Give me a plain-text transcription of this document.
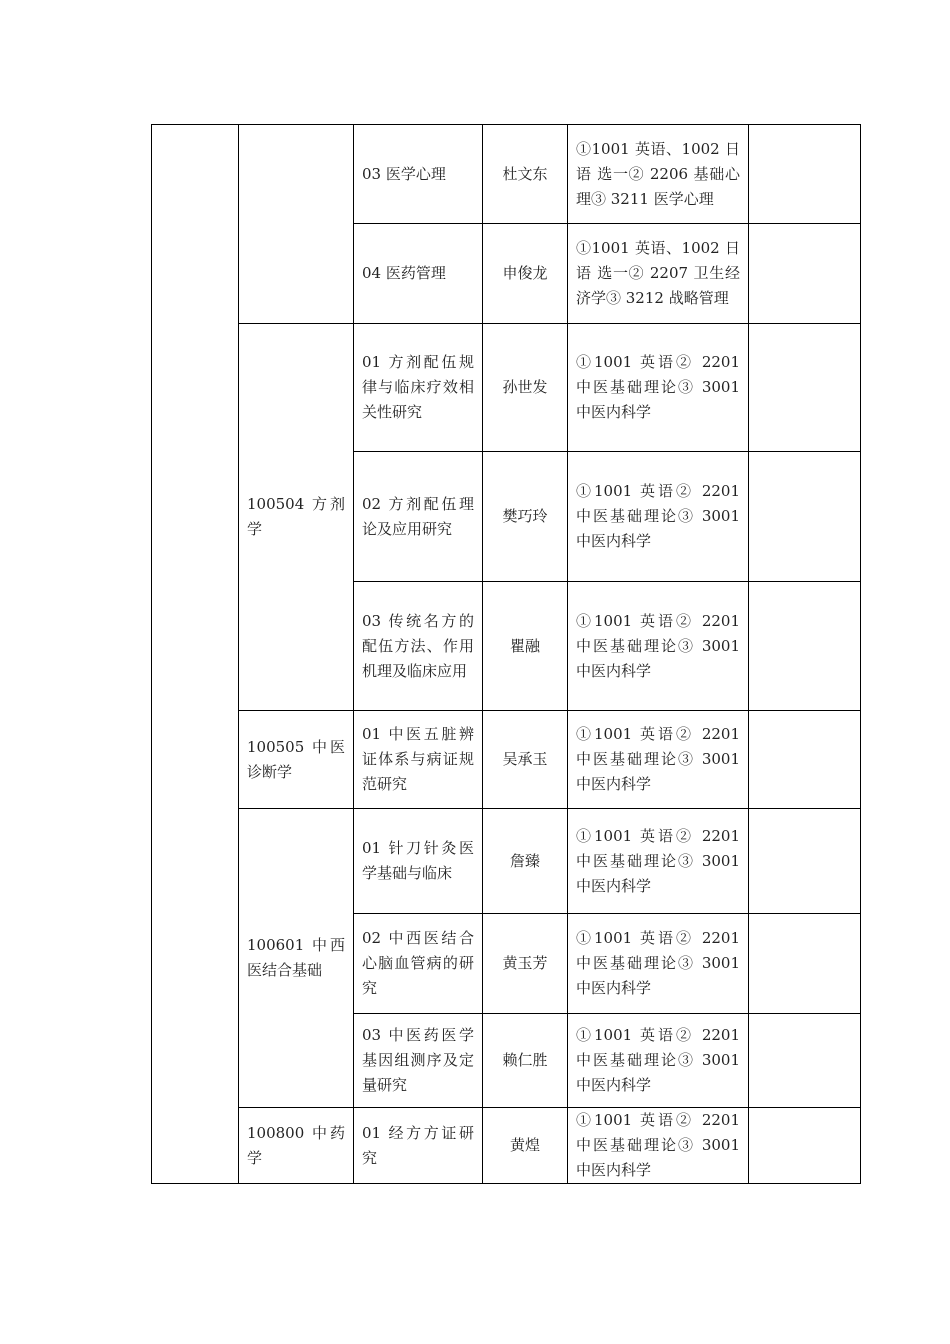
		03 医学心理	杜文东	①1001 英语、1002 日语 选一② 2206 基础心理③ 3211 医学心理	
		04 医药管理	申俊龙	①1001 英语、1002 日语 选一② 2207 卫生经济学③ 3212 战略管理	
	100504 方剂学	01 方剂配伍规律与临床疗效相关性研究	孙世发	①1001 英语② 2201 中医基础理论③ 3001 中医内科学	
		02 方剂配伍理论及应用研究	樊巧玲	①1001 英语② 2201 中医基础理论③ 3001 中医内科学	
		03 传统名方的配伍方法、作用机理及临床应用	瞿融	①1001 英语② 2201 中医基础理论③ 3001 中医内科学	
	100505 中医诊断学	01 中医五脏辨证体系与病证规范研究	吴承玉	①1001 英语② 2201 中医基础理论③ 3001 中医内科学	
	100601 中西医结合基础	01 针刀针灸医学基础与临床	詹臻	①1001 英语② 2201 中医基础理论③ 3001 中医内科学	
		02 中西医结合心脑血管病的研究	黄玉芳	①1001 英语② 2201 中医基础理论③ 3001 中医内科学	
		03 中医药医学基因组测序及定量研究	赖仁胜	①1001 英语② 2201 中医基础理论③ 3001 中医内科学	
	100800 中药学	01 经方方证研究	黄煌	①1001 英语② 2201 中医基础理论③ 3001 中医内科学	
